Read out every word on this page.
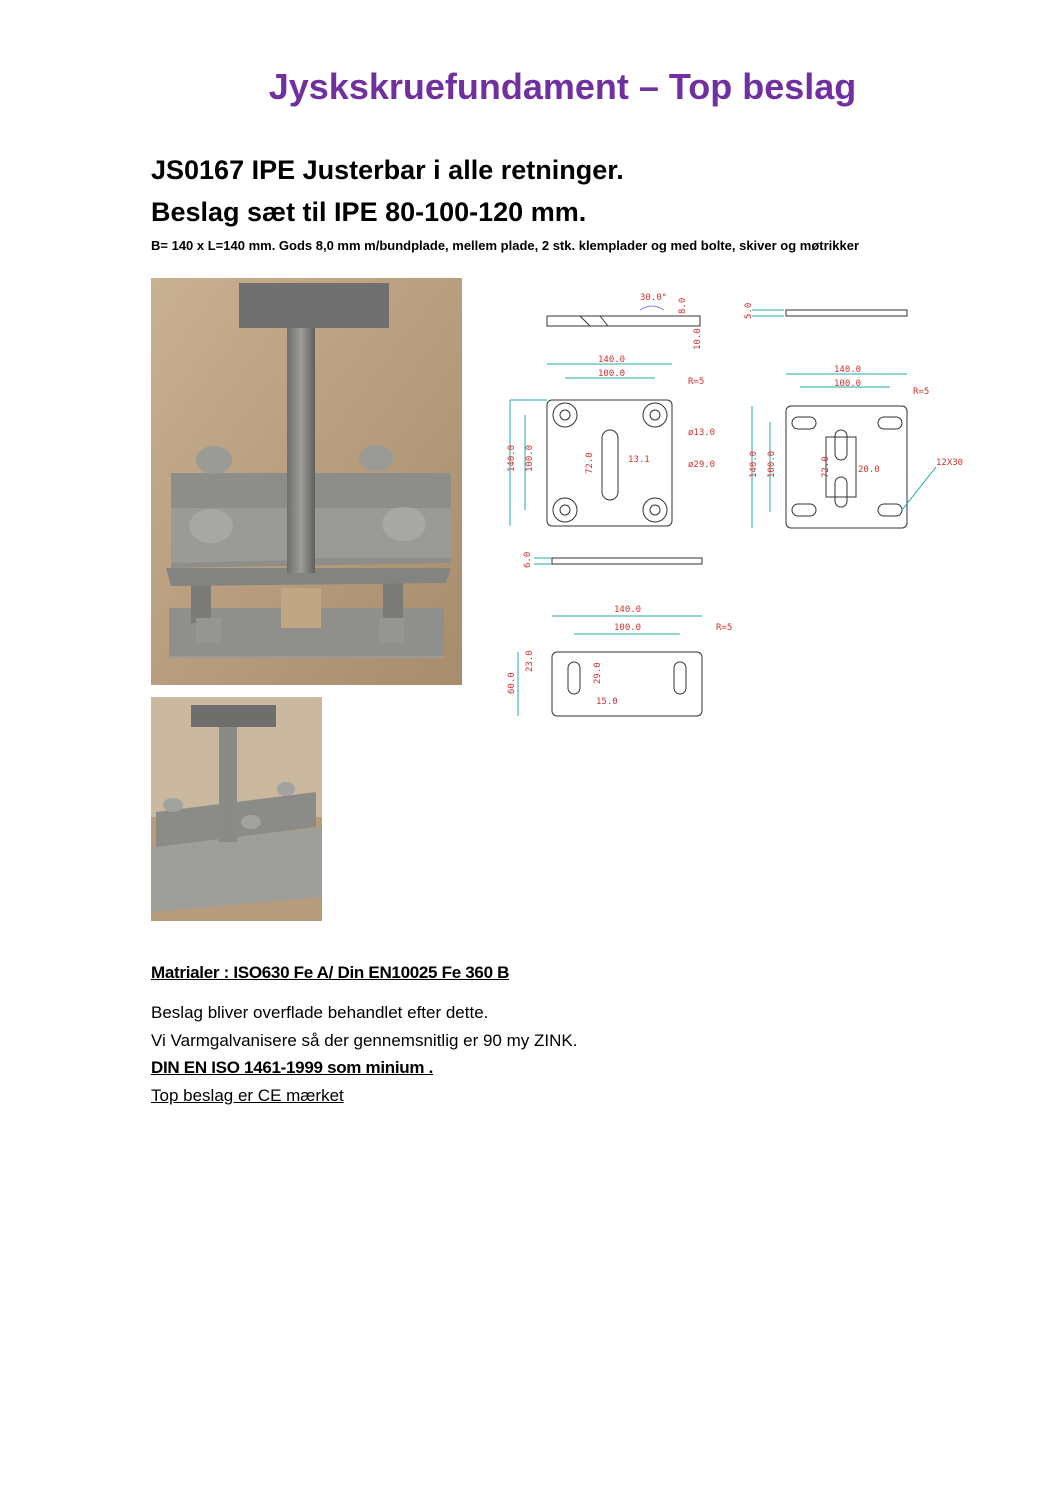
Jyskskruefundament – Top beslag
JS0167 IPE Justerbar i alle retninger.
Beslag sæt til IPE 80-100-120 mm.
B= 140 x L=140 mm. Gods 8,0 mm m/bundplade, mellem plade, 2 stk. klemplader og med bolte, skiver og møtrikker
30.0° 8.0
10.0
5.0
140.0
100.0
140.0 100.0	72.0	13.1
R=5
ø13.0
ø29.0
140.0
100.0
140.0 100.0	72.0	20.0
R=5
12X30
6.0
140.0
100.0	R=5
60.0
23.0
29.0
15.0
Matrialer : ISO630 Fe A/ Din EN10025 Fe 360 B
Beslag bliver overflade behandlet efter dette.
Vi Varmgalvanisere så der gennemsnitlig er 90 my ZINK.
DIN EN ISO 1461-1999 som minium .
Top beslag er CE mærket
